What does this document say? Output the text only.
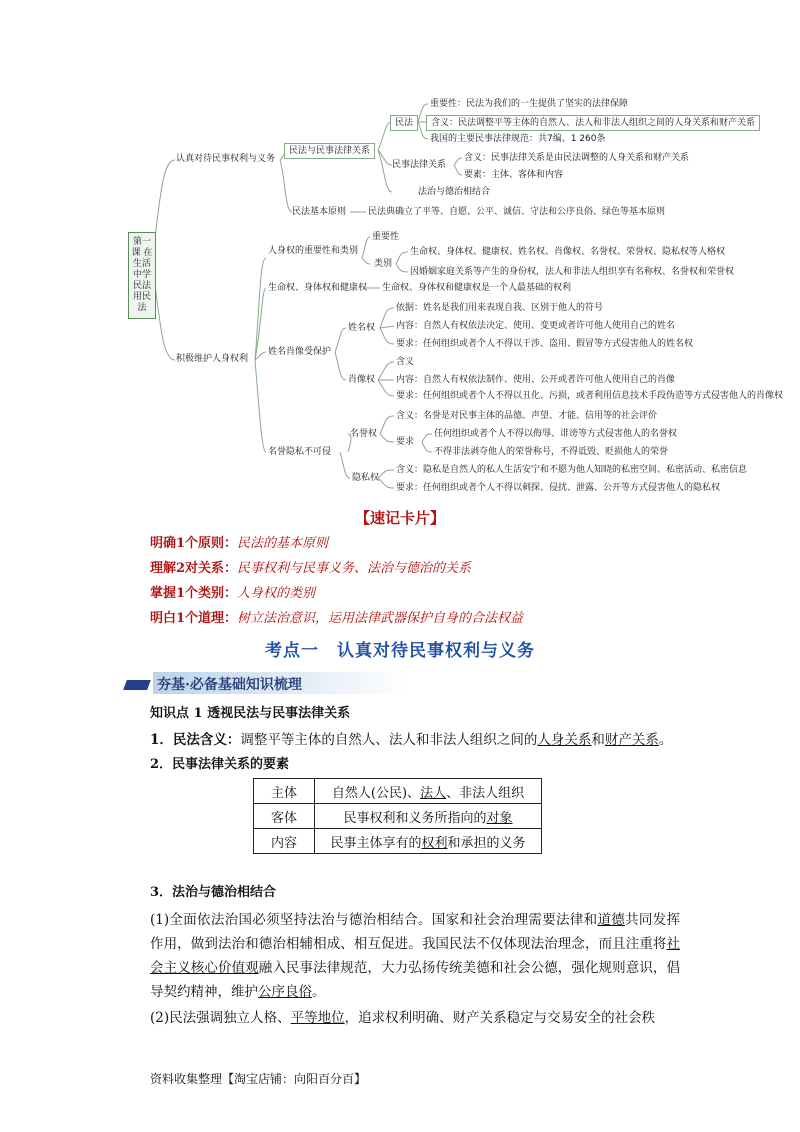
第一课 在生活中学民法用民法
认真对待民事权利与义务
民法与民事法律关系
民法
重要性：民法为我们的一生提供了坚实的法律保障
含义：民法调整平等主体的自然人、法人和非法人组织之间的人身关系和财产关系
我国的主要民事法律规范：共7编、1 260条
民事法律关系
含义：民事法律关系是由民法调整的人身关系和财产关系
要素：主体、客体和内容
法治与德治相结合
民法基本原则 民法典确立了平等、自愿、公平、诚信、守法和公序良俗、绿色等基本原则
积极维护人身权利
人身权的重要性和类别
重要性
类别
生命权、身体权、健康权、姓名权、肖像权、名誉权、荣誉权、隐私权等人格权
因婚姻家庭关系等产生的身份权，法人和非法人组织享有名称权、名誉权和荣誉权
生命权、身体权和健康权 生命权、身体权和健康权是一个人最基础的权利
姓名肖像受保护
姓名权
依据：姓名是我们用来表现自我、区别于他人的符号
内容：自然人有权依法决定、使用、变更或者许可他人使用自己的姓名
要求：任何组织或者个人不得以干涉、盗用、假冒等方式侵害他人的姓名权
肖像权
含义
内容：自然人有权依法制作、使用、公开或者许可他人使用自己的肖像
要求：任何组织或者个人不得以丑化、污损，或者利用信息技术手段伪造等方式侵害他人的肖像权
名誉隐私不可侵
名誉权
含义：名誉是对民事主体的品德、声望、才能、信用等的社会评价
要求
任何组织或者个人不得以侮辱、诽谤等方式侵害他人的名誉权
不得非法剥夺他人的荣誉称号，不得诋毁、贬损他人的荣誉
隐私权
含义：隐私是自然人的私人生活安宁和不愿为他人知晓的私密空间、私密活动、私密信息
要求：任何组织或者个人不得以刺探、侵扰、泄露、公开等方式侵害他人的隐私权
【速记卡片】
明确1个原则：民法的基本原则
理解2对关系：民事权利与民事义务、法治与德治的关系
掌握1个类别：人身权的类别
明白1个道理：树立法治意识，运用法律武器保护自身的合法权益
考点一　认真对待民事权利与义务
夯基·必备基础知识梳理
知识点 1 透视民法与民事法律关系
1．民法含义：调整平等主体的自然人、法人和非法人组织之间的人身关系和财产关系。
2．民事法律关系的要素
主体	自然人(公民)、法人、非法人组织
客体	民事权利和义务所指向的对象
内容	民事主体享有的权利和承担的义务
3．法治与德治相结合
(1)全面依法治国必须坚持法治与德治相结合。国家和社会治理需要法律和道德共同发挥作用，做到法治和德治相辅相成、相互促进。我国民法不仅体现法治理念，而且注重将社会主义核心价值观融入民事法律规范，大力弘扬传统美德和社会公德，强化规则意识，倡导契约精神，维护公序良俗。
(2)民法强调独立人格、平等地位，追求权利明确、财产关系稳定与交易安全的社会秩
资料收集整理【淘宝店铺：向阳百分百】
